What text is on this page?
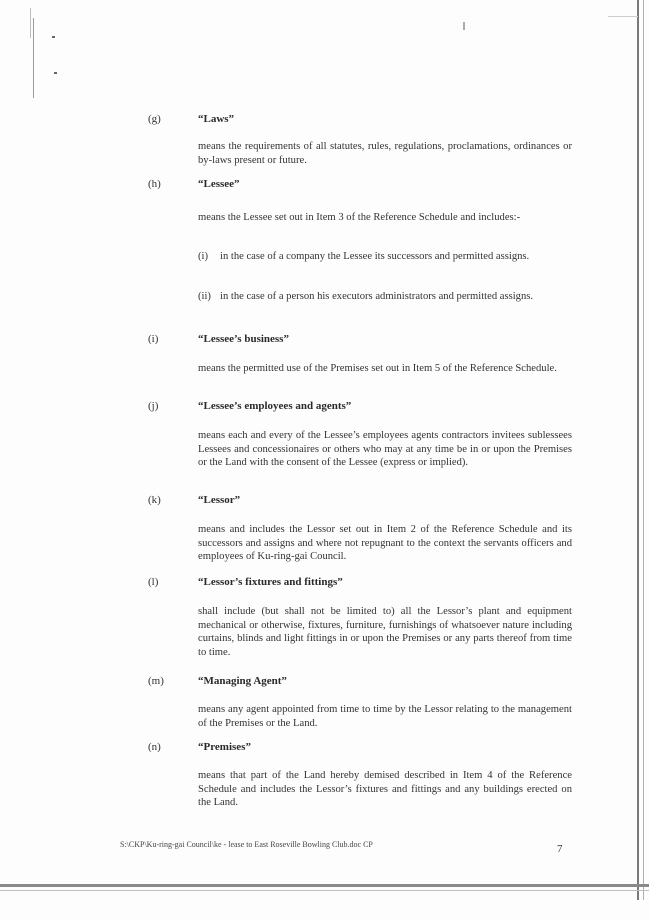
(g)	“Laws”
means the requirements of all statutes, rules, regulations, proclamations, ordinances or by-laws present or future.
(h)	“Lessee”
means the Lessee set out in Item 3 of the Reference Schedule and includes:-
(i) in the case of a company the Lessee its successors and permitted assigns.
(ii) in the case of a person his executors administrators and permitted assigns.
(i)	“Lessee’s business”
means the permitted use of the Premises set out in Item 5 of the Reference Schedule.
(j)	“Lessee’s employees and agents”
means each and every of the Lessee’s employees agents contractors invitees sublessees Lessees and concessionaires or others who may at any time be in or upon the Premises or the Land with the consent of the Lessee (express or implied).
(k)	“Lessor”
means and includes the Lessor set out in Item 2 of the Reference Schedule and its successors and assigns and where not repugnant to the context the servants officers and employees of Ku-ring-gai Council.
(l)	“Lessor’s fixtures and fittings”
shall include (but shall not be limited to) all the Lessor’s plant and equipment mechanical or otherwise, fixtures, furniture, furnishings of whatsoever nature including curtains, blinds and light fittings in or upon the Premises or any parts thereof from time to time.
(m)	“Managing Agent”
means any agent appointed from time to time by the Lessor relating to the management of the Premises or the Land.
(n)	“Premises”
means that part of the Land hereby demised described in Item 4 of the Reference Schedule and includes the Lessor’s fixtures and fittings and any buildings erected on the Land.
S:\CKP\Ku-ring-gai Council\ke - lease to East Roseville Bowling Club.doc CP	7
